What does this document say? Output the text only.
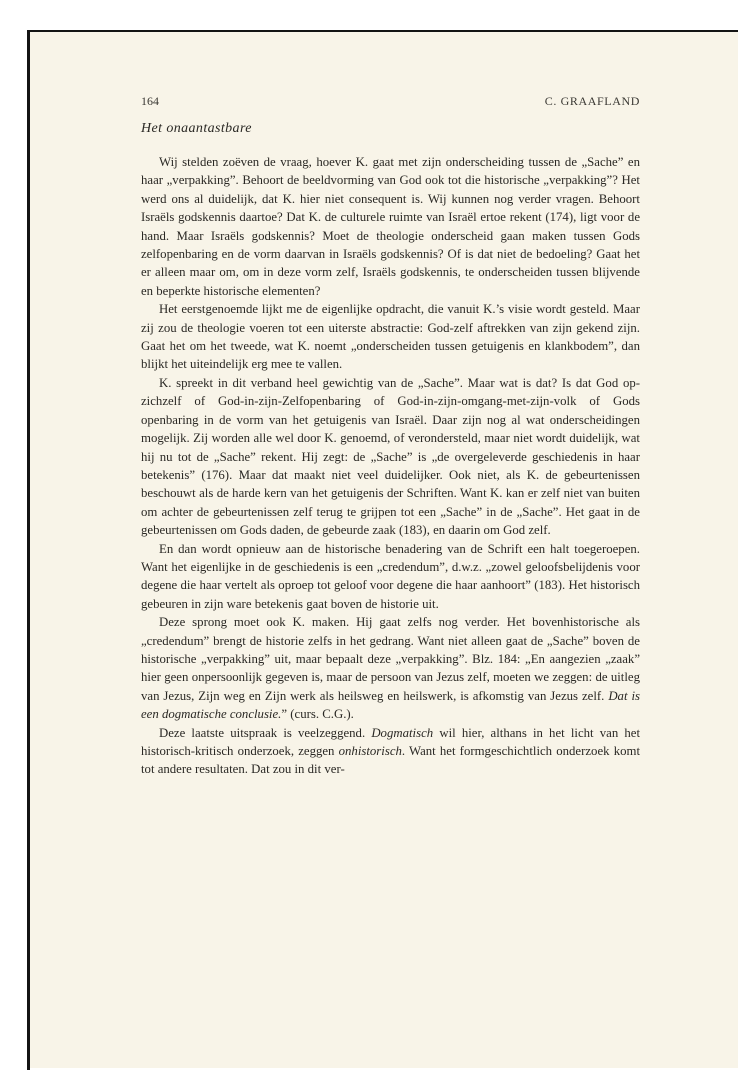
164	C. GRAAFLAND
Het onaantastbare

Wij stelden zoëven de vraag, hoever K. gaat met zijn onderscheiding tussen de „Sache” en haar „verpakking”. Behoort de beeldvorming van God ook tot die historische „verpakking”? Het werd ons al duidelijk, dat K. hier niet consequent is. Wij kunnen nog verder vragen. Behoort Israëls godskennis daartoe? Dat K. de culturele ruimte van Israël ertoe rekent (174), ligt voor de hand. Maar Israëls godskennis? Moet de theologie onderscheid gaan maken tussen Gods zelfopenbaring en de vorm daarvan in Israëls godskennis? Of is dat niet de bedoeling? Gaat het er alleen maar om, om in deze vorm zelf, Israëls godskennis, te onderscheiden tussen blijvende en beperkte historische elementen?

Het eerstgenoemde lijkt me de eigenlijke opdracht, die vanuit K.’s visie wordt gesteld. Maar zij zou de theologie voeren tot een uiterste abstractie: God-zelf aftrekken van zijn gekend zijn. Gaat het om het tweede, wat K. noemt „onderscheiden tussen getuigenis en klankbodem”, dan blijkt het uiteindelijk erg mee te vallen.

K. spreekt in dit verband heel gewichtig van de „Sache”. Maar wat is dat? Is dat God op-zichzelf of God-in-zijn-Zelfopenbaring of God-in-zijn-omgang-met-zijn-volk of Gods openbaring in de vorm van het getuigenis van Israël. Daar zijn nog al wat onderscheidingen mogelijk. Zij worden alle wel door K. genoemd, of verondersteld, maar niet wordt duidelijk, wat hij nu tot de „Sache” rekent. Hij zegt: de „Sache” is „de overgeleverde geschiedenis in haar betekenis” (176). Maar dat maakt niet veel duidelijker. Ook niet, als K. de gebeurtenissen beschouwt als de harde kern van het getuigenis der Schriften. Want K. kan er zelf niet van buiten om achter de gebeurtenissen zelf terug te grijpen tot een „Sache” in de „Sache”. Het gaat in de gebeurtenissen om Gods daden, de gebeurde zaak (183), en daarin om God zelf.

En dan wordt opnieuw aan de historische benadering van de Schrift een halt toegeroepen. Want het eigenlijke in de geschiedenis is een „credendum”, d.w.z. „zowel geloofsbelijdenis voor degene die haar vertelt als oproep tot geloof voor degene die haar aanhoort” (183). Het historisch gebeuren in zijn ware betekenis gaat boven de historie uit.

Deze sprong moet ook K. maken. Hij gaat zelfs nog verder. Het bovenhistorische als „credendum” brengt de historie zelfs in het gedrang. Want niet alleen gaat de „Sache” boven de historische „verpakking” uit, maar bepaalt deze „verpakking”. Blz. 184: „En aangezien „zaak” hier geen onpersoonlijk gegeven is, maar de persoon van Jezus zelf, moeten we zeggen: de uitleg van Jezus, Zijn weg en Zijn werk als heilsweg en heilswerk, is afkomstig van Jezus zelf. Dat is een dogmatische conclusie.” (curs. C.G.).

Deze laatste uitspraak is veelzeggend. Dogmatisch wil hier, althans in het licht van het historisch-kritisch onderzoek, zeggen onhistorisch. Want het formgeschichtlich onderzoek komt tot andere resultaten. Dat zou in dit ver-
